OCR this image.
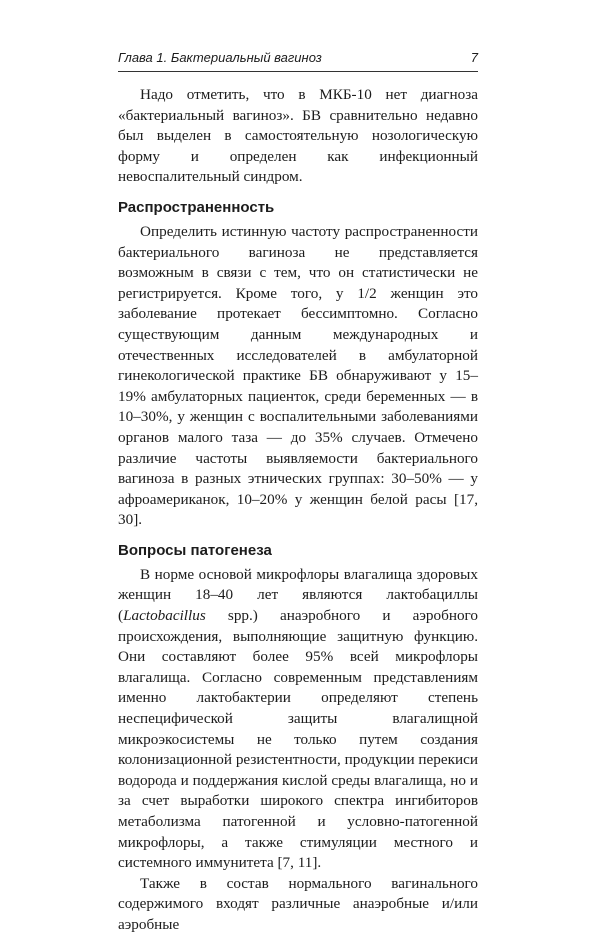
Глава 1. Бактериальный вагиноз	7

Надо отметить, что в МКБ-10 нет диагноза «бактериальный вагиноз». БВ сравнительно недавно был выделен в самостоятельную нозологическую форму и определен как инфекционный невоспалительный синдром.

Распространенность

Определить истинную частоту распространенности бактериального вагиноза не представляется возможным в связи с тем, что он статистически не регистрируется. Кроме того, у 1/2 женщин это заболевание протекает бессимптомно. Согласно существующим данным международных и отечественных исследователей в амбулаторной гинекологической практике БВ обнаруживают у 15–19% амбулаторных пациенток, среди беременных — в 10–30%, у женщин с воспалительными заболеваниями органов малого таза — до 35% случаев. Отмечено различие частоты выявляемости бактериального вагиноза в разных этнических группах: 30–50% — у афроамериканок, 10–20% у женщин белой расы [17, 30].

Вопросы патогенеза

В норме основой микрофлоры влагалища здоровых женщин 18–40 лет являются лактобациллы (Lactobacillus spp.) анаэробного и аэробного происхождения, выполняющие защитную функцию. Они составляют более 95% всей микрофлоры влагалища. Согласно современным представлениям именно лактобактерии определяют степень неспецифической защиты влагалищной микроэкосистемы не только путем создания колонизационной резистентности, продукции перекиси водорода и поддержания кислой среды влагалища, но и за счет выработки широкого спектра ингибиторов метаболизма патогенной и условно-патогенной микрофлоры, а также стимуляции местного и системного иммунитета [7, 11].

Также в состав нормального вагинального содержимого входят различные анаэробные и/или аэробные
